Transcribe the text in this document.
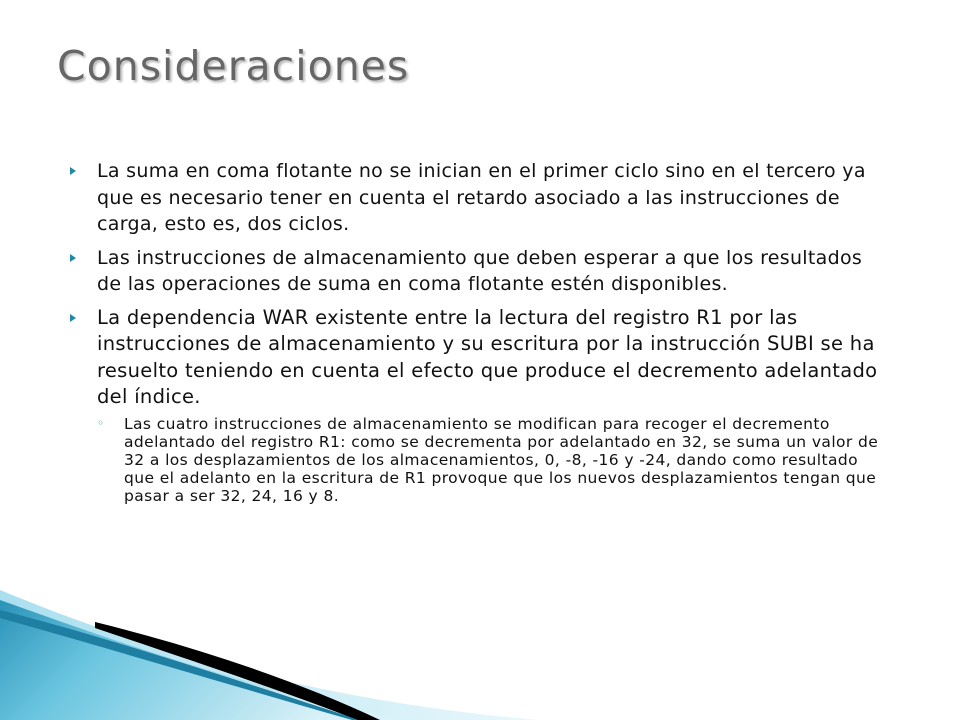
Consideraciones
La suma en coma flotante no se inician en el primer ciclo sino en el tercero ya que es necesario tener en cuenta el retardo asociado a las instrucciones de carga, esto es, dos ciclos.
Las instrucciones de almacenamiento que deben esperar a que los resultados de las operaciones de suma en coma flotante estén disponibles.
La dependencia WAR existente entre la lectura del registro R1 por las instrucciones de almacenamiento y su escritura por la instrucción SUBI se ha resuelto teniendo en cuenta el efecto que produce el decremento adelantado del índice.
◦ Las cuatro instrucciones de almacenamiento se modifican para recoger el decremento adelantado del registro R1: como se decrementa por adelantado en 32, se suma un valor de 32 a los desplazamientos de los almacenamientos, 0, -8, -16 y -24, dando como resultado que el adelanto en la escritura de R1 provoque que los nuevos desplazamientos tengan que pasar a ser 32, 24, 16 y 8.
